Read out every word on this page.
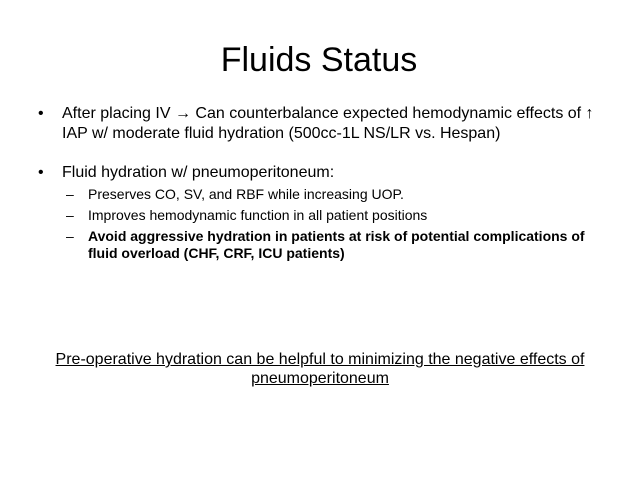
Fluids Status
• After placing IV → Can counterbalance expected hemodynamic effects of ↑ IAP w/ moderate fluid hydration (500cc-1L NS/LR vs. Hespan)
• Fluid hydration w/ pneumoperitoneum:
– Preserves CO, SV, and RBF while increasing UOP.
– Improves hemodynamic function in all patient positions
– Avoid aggressive hydration in patients at risk of potential complications of fluid overload (CHF, CRF, ICU patients)
Pre-operative hydration can be helpful to minimizing the negative effects of pneumoperitoneum
